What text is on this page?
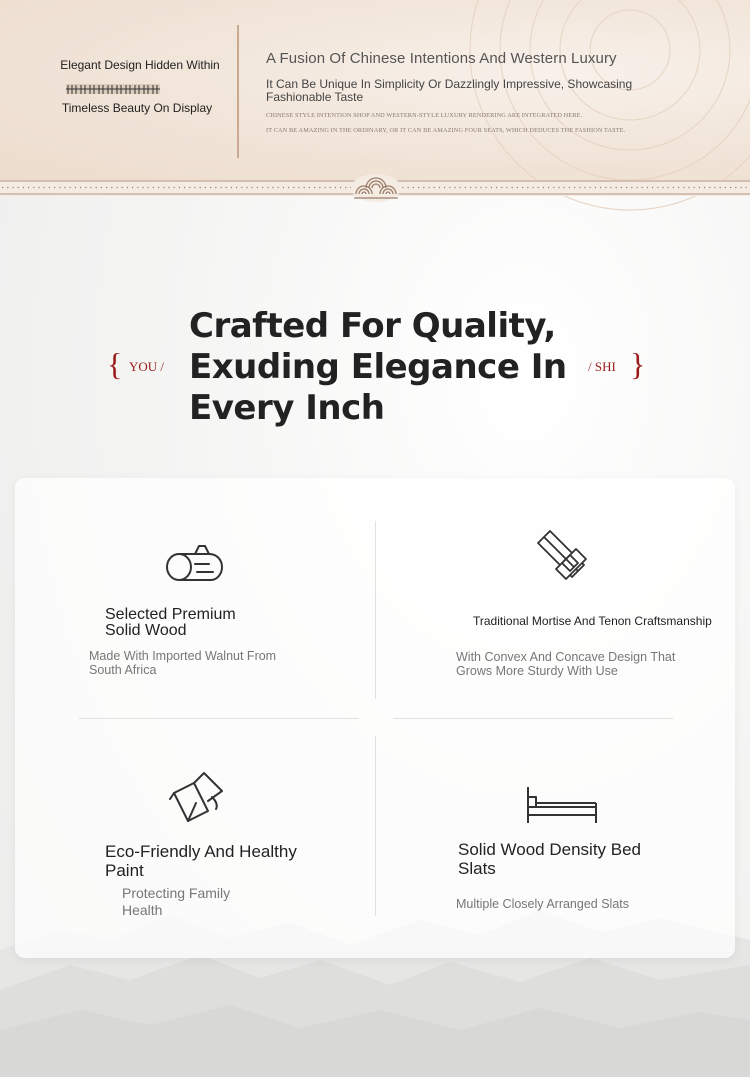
Elegant Design Hidden Within
Timeless Beauty On Display
A Fusion Of Chinese Intentions And Western Luxury
It Can Be Unique In Simplicity Or Dazzlingly Impressive, Showcasing Fashionable Taste
CHINESE STYLE INTENTION SHOP AND WESTERN-STYLE LUXURY RENDERING ARE INTEGRATED HERE.
IT CAN BE AMAZING IN THE ORDINARY, OR IT CAN BE AMAZING FOUR SEATS, WHICH DEDUCES THE FASHION TASTE.
{ YOU /
Crafted For Quality,
Exuding Elegance In
Every Inch
/ SHI }
Selected Premium
Solid Wood
Made With Imported Walnut From South Africa
Traditional Mortise And Tenon Craftsmanship
With Convex And Concave Design That Grows More Sturdy With Use
Eco-Friendly And Healthy Paint
Protecting Family Health
Solid Wood Density Bed Slats
Multiple Closely Arranged Slats
